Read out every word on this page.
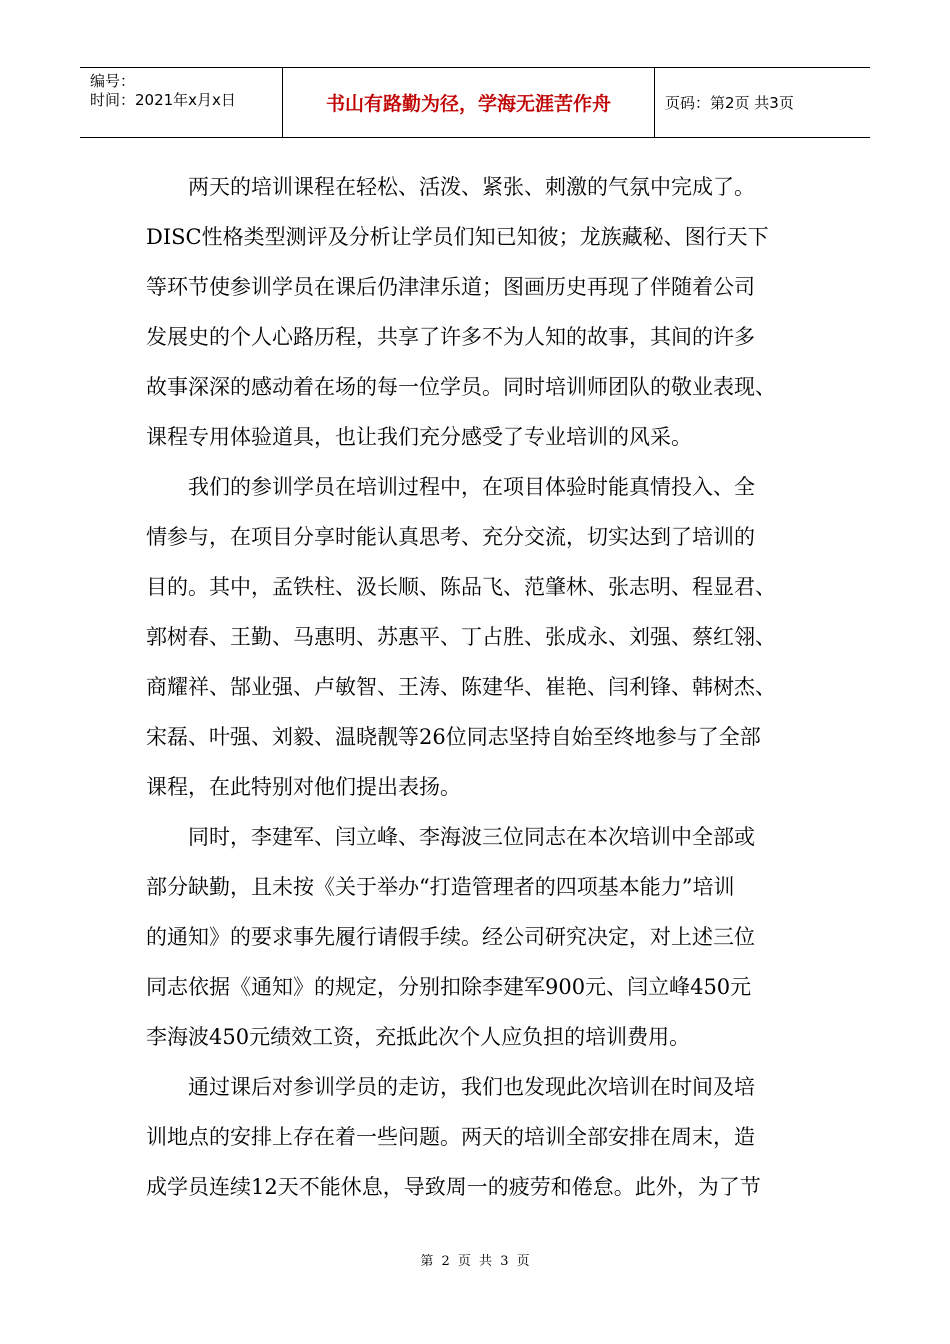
编号：
时间：2021年x月x日	书山有路勤为径，学海无涯苦作舟	页码：第2页 共3页
　　两天的培训课程在轻松、活泼、紧张、刺激的气氛中完成了。
DISC性格类型测评及分析让学员们知已知彼；龙族藏秘、图行天下
等环节使参训学员在课后仍津津乐道；图画历史再现了伴随着公司
发展史的个人心路历程，共享了许多不为人知的故事，其间的许多
故事深深的感动着在场的每一位学员。同时培训师团队的敬业表现、
课程专用体验道具，也让我们充分感受了专业培训的风采。
　　我们的参训学员在培训过程中，在项目体验时能真情投入、全
情参与，在项目分享时能认真思考、充分交流，切实达到了培训的
目的。其中，孟铁柱、汲长顺、陈品飞、范肇林、张志明、程显君、
郭树春、王勤、马惠明、苏惠平、丁占胜、张成永、刘强、蔡红翎、
商耀祥、郜业强、卢敏智、王涛、陈建华、崔艳、闫利锋、韩树杰、
宋磊、叶强、刘毅、温晓靓等26位同志坚持自始至终地参与了全部
课程，在此特别对他们提出表扬。
　　同时，李建军、闫立峰、李海波三位同志在本次培训中全部或
部分缺勤，且未按《关于举办“打造管理者的四项基本能力”培训
的通知》的要求事先履行请假手续。经公司研究决定，对上述三位
同志依据《通知》的规定，分别扣除李建军900元、闫立峰450元
李海波450元绩效工资，充抵此次个人应负担的培训费用。
　　通过课后对参训学员的走访，我们也发现此次培训在时间及培
训地点的安排上存在着一些问题。两天的培训全部安排在周末，造
成学员连续12天不能休息，导致周一的疲劳和倦怠。此外，为了节
第 2 页 共 3 页
